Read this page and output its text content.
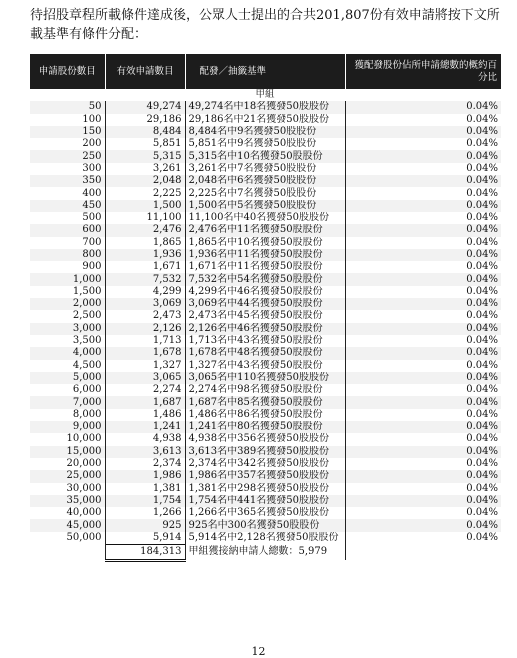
待招股章程所載條件達成後，公眾人士提出的合共201,807份有效申請將按下文所載基準有條件分配：
申請股份數目	有效申請數目	配發／抽籤基準	獲配發股份佔所申請總數的概約百分比
		甲組	
50	49,274	49,274名中18名獲發50股股份	0.04%
100	29,186	29,186名中21名獲發50股股份	0.04%
150	8,484	8,484名中9名獲發50股股份	0.04%
200	5,851	5,851名中9名獲發50股股份	0.04%
250	5,315	5,315名中10名獲發50股股份	0.04%
300	3,261	3,261名中7名獲發50股股份	0.04%
350	2,048	2,048名中6名獲發50股股份	0.04%
400	2,225	2,225名中7名獲發50股股份	0.04%
450	1,500	1,500名中5名獲發50股股份	0.04%
500	11,100	11,100名中40名獲發50股股份	0.04%
600	2,476	2,476名中11名獲發50股股份	0.04%
700	1,865	1,865名中10名獲發50股股份	0.04%
800	1,936	1,936名中11名獲發50股股份	0.04%
900	1,671	1,671名中11名獲發50股股份	0.04%
1,000	7,532	7,532名中54名獲發50股股份	0.04%
1,500	4,299	4,299名中46名獲發50股股份	0.04%
2,000	3,069	3,069名中44名獲發50股股份	0.04%
2,500	2,473	2,473名中45名獲發50股股份	0.04%
3,000	2,126	2,126名中46名獲發50股股份	0.04%
3,500	1,713	1,713名中43名獲發50股股份	0.04%
4,000	1,678	1,678名中48名獲發50股股份	0.04%
4,500	1,327	1,327名中43名獲發50股股份	0.04%
5,000	3,065	3,065名中110名獲發50股股份	0.04%
6,000	2,274	2,274名中98名獲發50股股份	0.04%
7,000	1,687	1,687名中85名獲發50股股份	0.04%
8,000	1,486	1,486名中86名獲發50股股份	0.04%
9,000	1,241	1,241名中80名獲發50股股份	0.04%
10,000	4,938	4,938名中356名獲發50股股份	0.04%
15,000	3,613	3,613名中389名獲發50股股份	0.04%
20,000	2,374	2,374名中342名獲發50股股份	0.04%
25,000	1,986	1,986名中357名獲發50股股份	0.04%
30,000	1,381	1,381名中298名獲發50股股份	0.04%
35,000	1,754	1,754名中441名獲發50股股份	0.04%
40,000	1,266	1,266名中365名獲發50股股份	0.04%
45,000	925	925名中300名獲發50股股份	0.04%
50,000	5,914	5,914名中2,128名獲發50股股份	0.04%
	184,313	甲組獲接納申請人總數：5,979	
12
